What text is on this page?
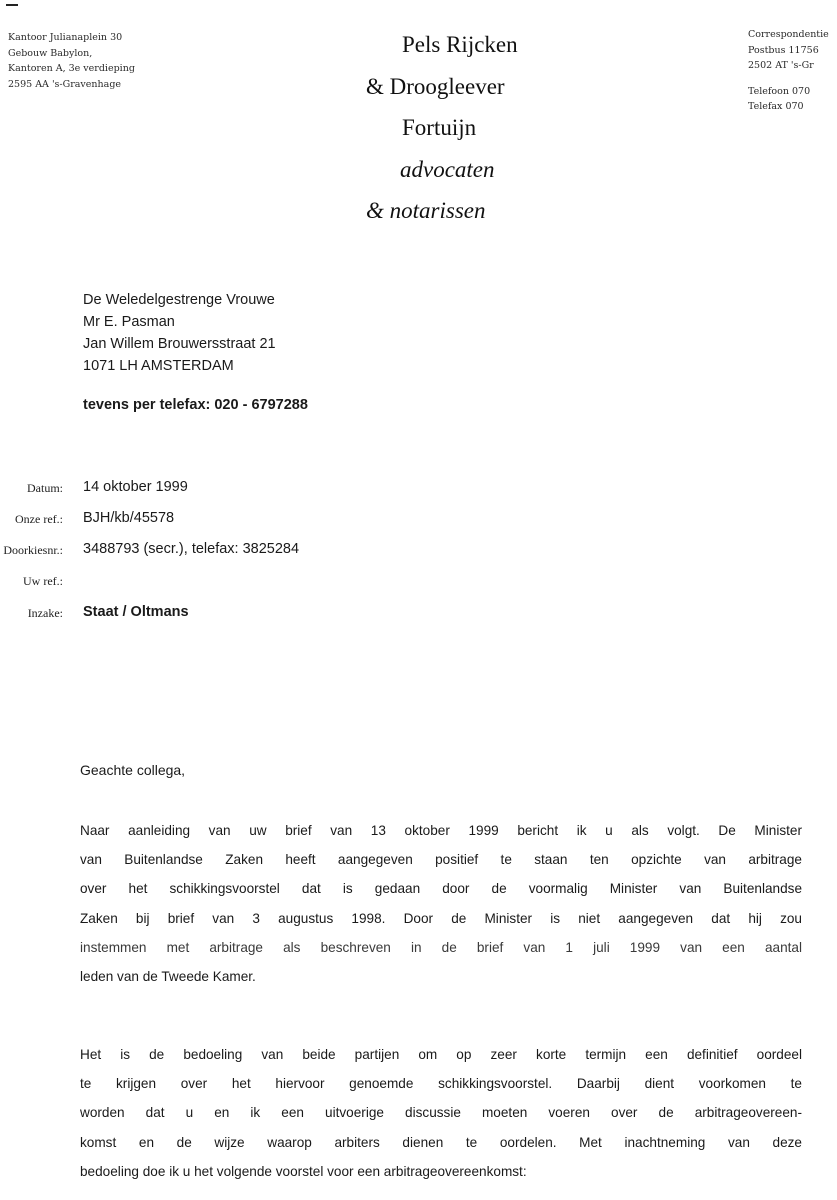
Kantoor Julianaplein 30
Gebouw Babylon,
Kantoren A, 3e verdieping
2595 AA 's-Gravenhage
Pels Rijcken
& Droogleever
Fortuijn
advocaten
& notarissen
Correspondentie
Postbus 11756
2502 AT 's-Gr
Telefoon 070
Telefax 070
De Weledelgestrenge Vrouwe
Mr E. Pasman
Jan Willem Brouwersstraat 21
1071 LH AMSTERDAM
tevens per telefax: 020 - 6797288
Datum: 14 oktober 1999
Onze ref.: BJH/kb/45578
Doorkiesnr.: 3488793 (secr.), telefax: 3825284
Uw ref.:
Inzake: Staat / Oltmans
Geachte collega,
Naar aanleiding van uw brief van 13 oktober 1999 bericht ik u als volgt. De Minister
van Buitenlandse Zaken heeft aangegeven positief te staan ten opzichte van arbitrage
over het schikkingsvoorstel dat is gedaan door de voormalig Minister van Buitenlandse
Zaken bij brief van 3 augustus 1998. Door de Minister is niet aangegeven dat hij zou
instemmen met arbitrage als beschreven in de brief van 1 juli 1999 van een aantal
leden van de Tweede Kamer.
Het is de bedoeling van beide partijen om op zeer korte termijn een definitief oordeel
te krijgen over het hiervoor genoemde schikkingsvoorstel. Daarbij dient voorkomen te
worden dat u en ik een uitvoerige discussie moeten voeren over de arbitrageovereen-
komst en de wijze waarop arbiters dienen te oordelen. Met inachtneming van deze
bedoeling doe ik u het volgende voorstel voor een arbitrageovereenkomst:
